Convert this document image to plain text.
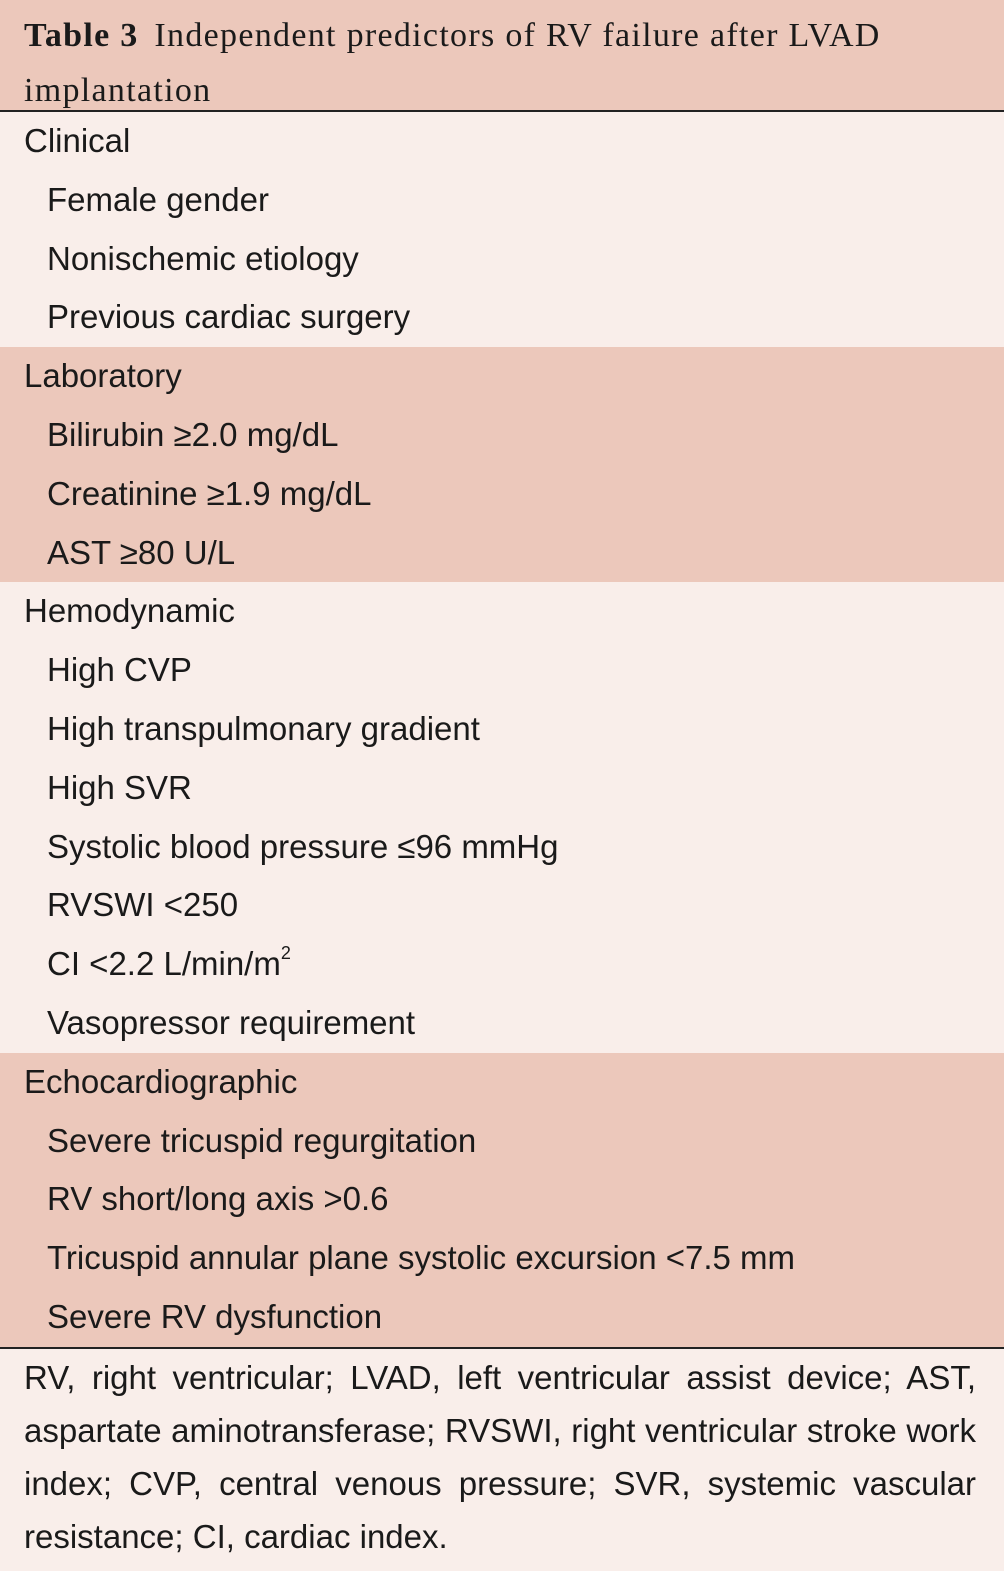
Table 3 Independent predictors of RV failure after LVAD implantation
Clinical
Female gender
Nonischemic etiology
Previous cardiac surgery
Laboratory
Bilirubin ≥2.0 mg/dL
Creatinine ≥1.9 mg/dL
AST ≥80 U/L
Hemodynamic
High CVP
High transpulmonary gradient
High SVR
Systolic blood pressure ≤96 mmHg
RVSWI <250
CI <2.2 $L/\min/m^2$
Vasopressor requirement
Echocardiographic
Severe tricuspid regurgitation
RV short/long axis >0.6
Tricuspid annular plane systolic excursion <7.5 mm
Severe RV dysfunction
RV, right ventricular; LVAD, left ventricular assist device; AST, aspartate aminotransferase; RVSWI, right ventricular stroke work index; CVP, central venous pressure; SVR, systemic vascular resistance; CI, cardiac index.
